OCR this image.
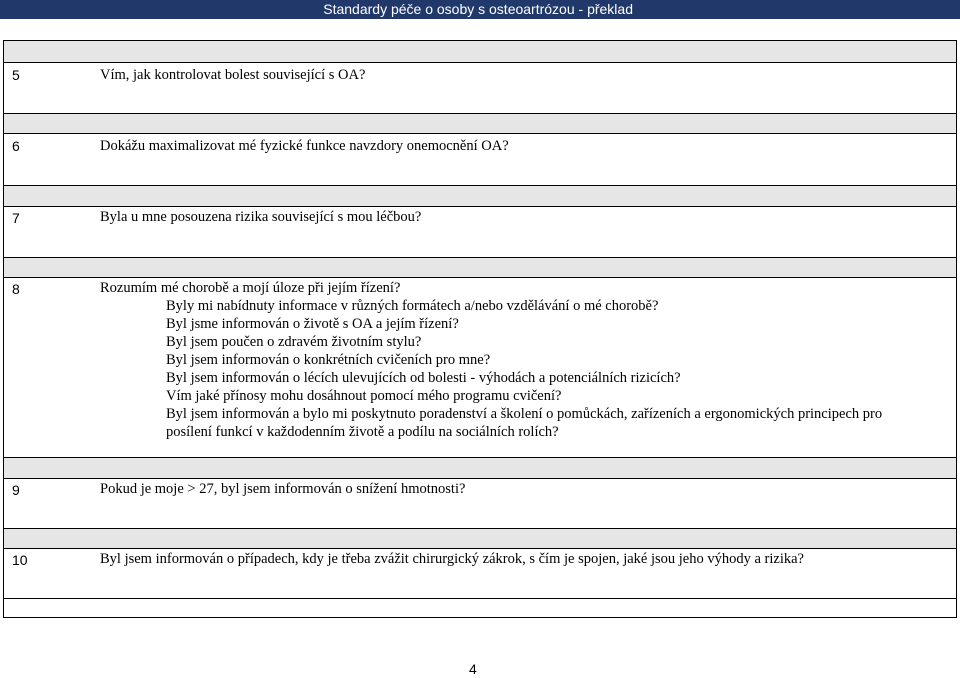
Standardy péče o osoby s osteoartrózou - překlad
5	Vím, jak kontrolovat bolest související s OA?
6	Dokážu maximalizovat mé fyzické funkce navzdory onemocnění OA?
7	Byla u mne posouzena rizika související s mou léčbou?
8	Rozumím mé chorobě a mojí úloze při jejím řízení?
Byly mi nabídnuty informace v různých formátech a/nebo vzdělávání o mé chorobě?
Byl jsme informován o životě s OA a jejím řízení?
Byl jsem poučen o zdravém životním stylu?
Byl jsem informován o konkrétních cvičeních pro mne?
Byl jsem informován o lécích ulevujících od bolesti - výhodách a potenciálních rizicích?
Vím jaké přínosy mohu dosáhnout pomocí mého programu cvičení?
Byl jsem informován a bylo mi poskytnuto poradenství a školení o pomůckách, zařízeních a ergonomických principech pro
posílení funkcí v každodenním životě a podílu na sociálních rolích?
9	Pokud je moje > 27, byl jsem informován o snížení hmotnosti?
10	Byl jsem informován o případech, kdy je třeba zvážit chirurgický zákrok, s čím je spojen, jaké jsou jeho výhody a rizika?
4
